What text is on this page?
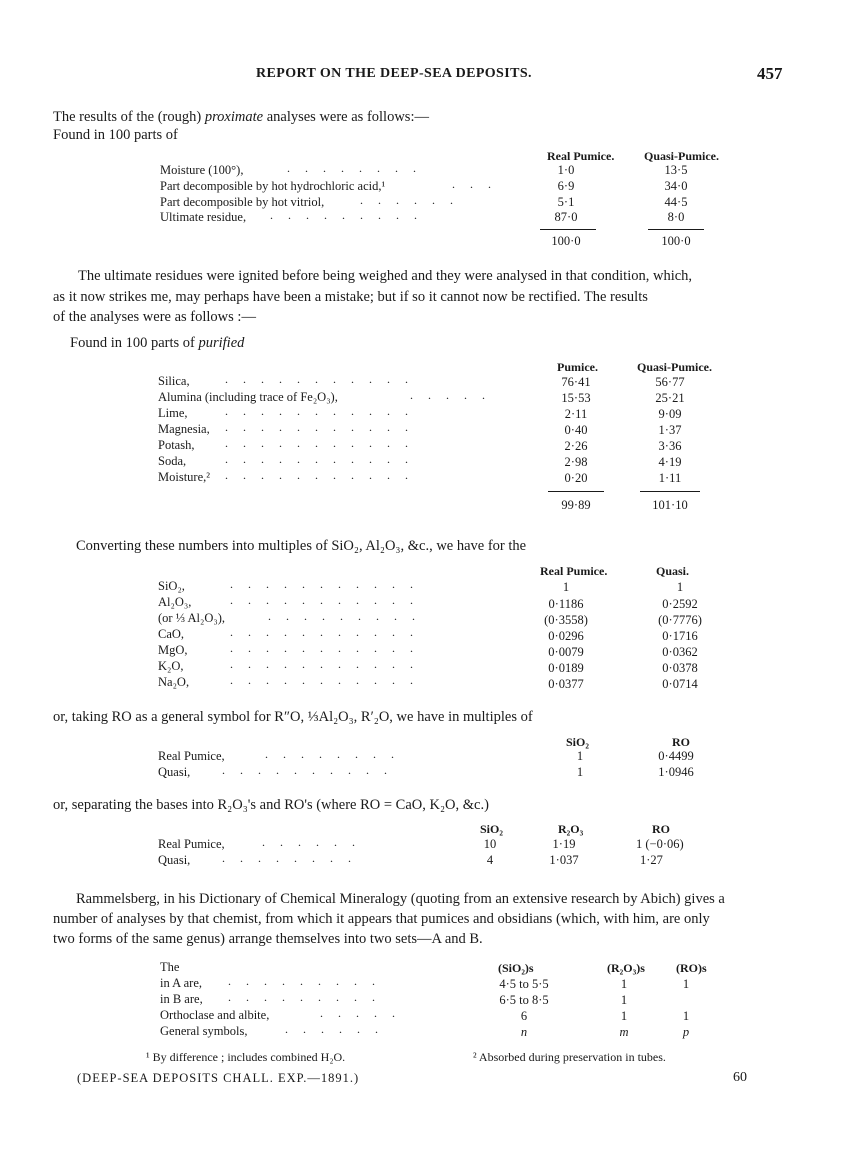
REPORT ON THE DEEP-SEA DEPOSITS.	457
The results of the (rough) proximate analyses were as follows:—
Found in 100 parts of
Real Pumice. Quasi-Pumice.
Moisture (100°),	........	1·0	13·5
Part decomposible by hot hydrochloric acid,¹	...	6·9	34·0
Part decomposible by hot vitriol,	......	5·1	44·5
Ultimate residue, .........	87·0	8·0
100·0	100·0
The ultimate residues were ignited before being weighed and they were analysed in that condition, which,
as it now strikes me, may perhaps have been a mistake; but if so it cannot now be rectified. The results
of the analyses were as follows :—
Found in 100 parts of purified
Pumice.	Quasi-Pumice.
Silica,	...........	76·41	56·77
Alumina (including trace of Fe₂O₃),	.....	15·53	25·21
Lime,	...........	2·11	9·09
Magnesia, ...........	0·40	1·37
Potash,	...........	2·26	3·36
Soda,	...........	2·98	4·19
Moisture,² ...........	0·20	1·11
99·89	101·10
Converting these numbers into multiples of SiO₂, Al₂O₃, &c., we have for the
Real Pumice.	Quasi.
SiO₂,	...........	1	1
Al₂O₃,	...........	0·1186	0·2592
(or ⅓ Al₂O₃),	.........	(0·3558)	(0·7776)
CaO,	...........	0·0296	0·1716
MgO,	...........	0·0079	0·0362
K₂O,	...........	0·0189	0·0378
Na₂O,	...........	0·0377	0·0714
or, taking RO as a general symbol for R″O, ⅓Al₂O₃, R′₂O, we have in multiples of
SiO₂	RO
Real Pumice,	........	1	0·4499
Quasi,	..........	1	1·0946
or, separating the bases into R₂O₃'s and RO's (where RO = CaO, K₂O, &c.)
SiO₂	R₂O₃	RO
Real Pumice,	......	10	1·19	1 (−0·06)
Quasi,	........	4	1·037	1·27
Rammelsberg, in his Dictionary of Chemical Mineralogy (quoting from an extensive research by Abich) gives a
number of analyses by that chemist, from which it appears that pumices and obsidians (which, with him, are only
two forms of the same genus) arrange themselves into two sets—A and B.
The	(SiO₂)s	(R₂O₃)s	(RO)s
in A are, .........	4·5 to 5·5	1	1
in B are, .........	6·5 to 8·5	1
Orthoclase and albite,	.....	6	1	1
General symbols,	......	n	m	p
¹ By difference ; includes combined H₂O.	² Absorbed during preservation in tubes.
(DEEP-SEA DEPOSITS CHALL. EXP.—1891.)	60
